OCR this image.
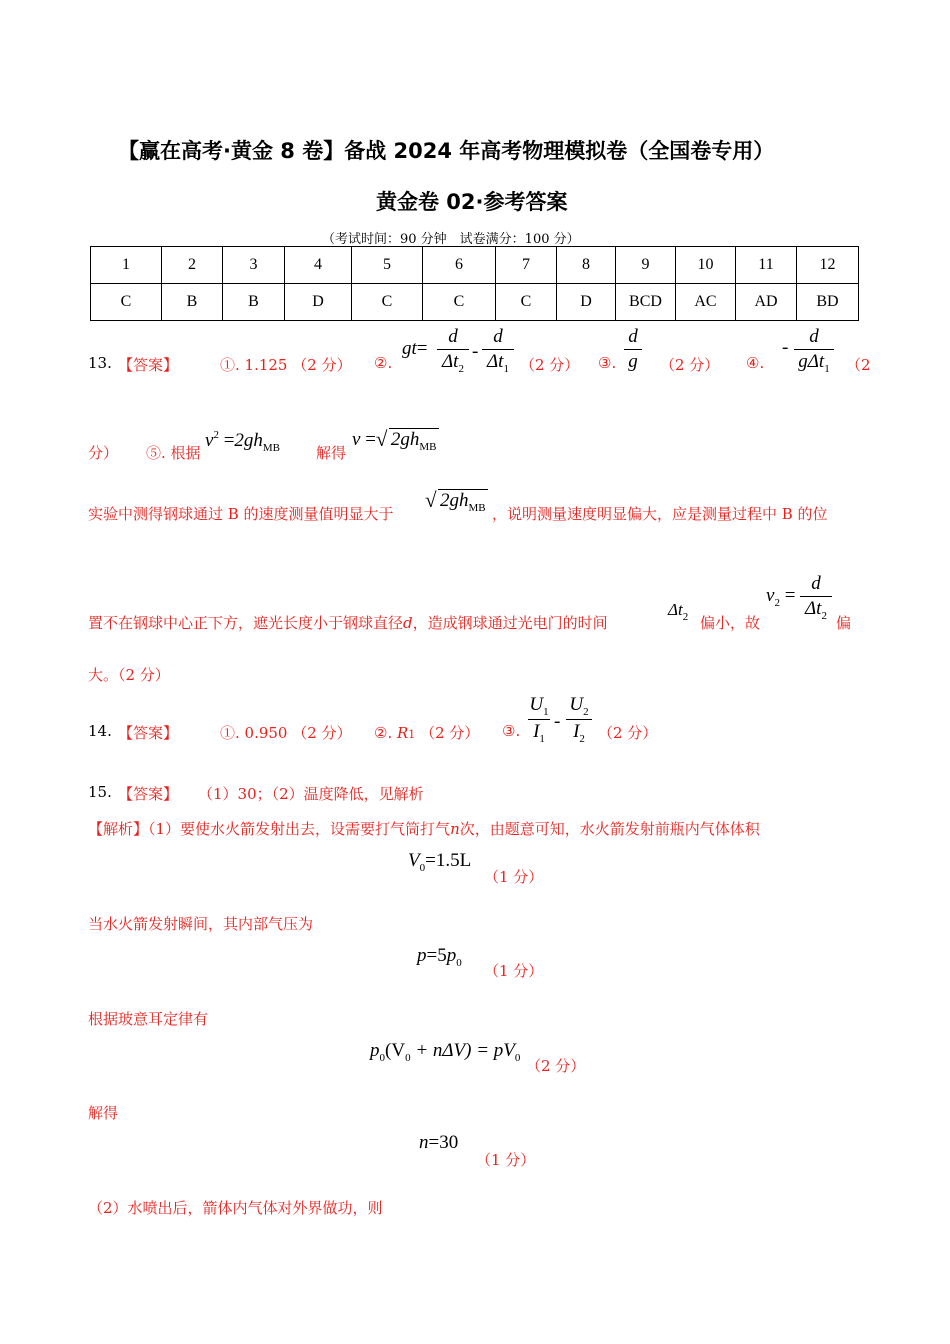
【赢在高考·黄金 8 卷】备战 2024 年高考物理模拟卷（全国卷专用）
黄金卷 02·参考答案
（考试时间：90 分钟　试卷满分：100 分）
1	2	3	4	5	6	7	8	9	10	11	12
C	B	B	D	C	C	C	D	BCD	AC	AD	BD
13. 【答案】	①. 1.125 （2 分） ②.
gt=
d
$\Delta t_2$
-
d
$\Delta t_1$ （2 分） ③.
d
g （2 分） ④.
-
d
gΔt$_1$ （2
分） ⑤. 根据
$v^2 =2gh_{MB}$ 解得
v = √ $2gh_{MB}$
实验中测得钢球通过 B 的速度测量值明显大于
√ $2gh_{MB}$ ，说明测量速度明显偏大，应是测量过程中 B 的位
$v_2$ =
d
$\Delta t_2$
置不在钢球中心正下方，遮光长度小于钢球直径d，造成钢球通过光电门的时间
$\Delta t_2$ 偏小，故	偏
大。（2 分）
14. 【答案】	①. 0.950 （2 分） ②. R1 （2 分） ③.
$U_1$
$I_1$
-
$U_2$
$I_2$ （2 分）
15. 【答案】 （1）30；（2）温度降低，见解析
【解析】（1）要使水火箭发射出去，设需要打气筒打气n次，由题意可知，水火箭发射前瓶内气体体积
$V_0=1.5L$
（1 分）
当水火箭发射瞬间，其内部气压为
$p=5p_0$ （1 分）
根据玻意耳定律有
$p_0(V_0 + n\Delta V) = pV_0$ （2 分）
解得
n=30
（1 分）
（2）水喷出后，箭体内气体对外界做功，则
